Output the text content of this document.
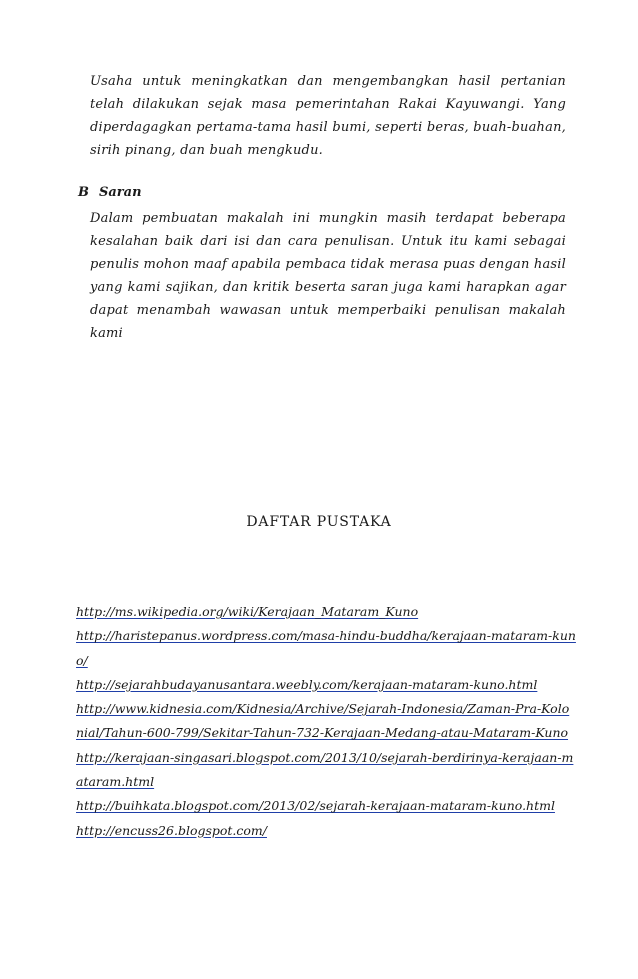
Usaha untuk meningkatkan dan mengembangkan hasil pertanian telah dilakukan sejak masa pemerintahan Rakai Kayuwangi. Yang diperdagagkan pertama-tama hasil bumi, seperti beras, buah-buahan, sirih pinang, dan buah mengkudu.

B Saran

Dalam pembuatan makalah ini mungkin masih terdapat beberapa kesalahan baik dari isi dan cara penulisan. Untuk itu kami sebagai penulis mohon maaf apabila pembaca tidak merasa puas dengan hasil yang kami sajikan, dan kritik beserta saran juga kami harapkan agar dapat menambah wawasan untuk memperbaiki penulisan makalah kami

DAFTAR PUSTAKA
http://ms.wikipedia.org/wiki/Kerajaan_Mataram_Kuno
http://haristepanus.wordpress.com/masa-hindu-buddha/kerajaan-mataram-kuno/
http://sejarahbudayanusantara.weebly.com/kerajaan-mataram-kuno.html
http://www.kidnesia.com/Kidnesia/Archive/Sejarah-Indonesia/Zaman-Pra-Kolonial/Tahun-600-799/Sekitar-Tahun-732-Kerajaan-Medang-atau-Mataram-Kuno
http://kerajaan-singasari.blogspot.com/2013/10/sejarah-berdirinya-kerajaan-mataram.html
http://buihkata.blogspot.com/2013/02/sejarah-kerajaan-mataram-kuno.html
http://encuss26.blogspot.com/
